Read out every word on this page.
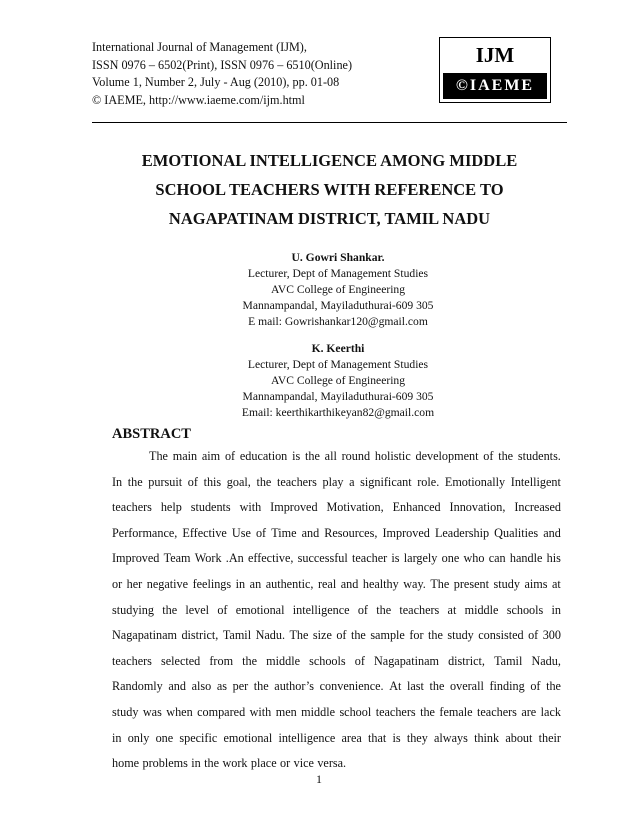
International Journal of Management (IJM),
ISSN 0976 – 6502(Print), ISSN 0976 – 6510(Online)
Volume 1, Number 2, July - Aug (2010), pp. 01-08
© IAEME, http://www.iaeme.com/ijm.html
IJM
©IAEME
EMOTIONAL INTELLIGENCE AMONG MIDDLE
SCHOOL TEACHERS WITH REFERENCE TO
NAGAPATINAM DISTRICT, TAMIL NADU
U. Gowri Shankar.
Lecturer, Dept of Management Studies
AVC College of Engineering
Mannampandal, Mayiladuthurai-609 305
E mail: Gowrishankar120@gmail.com
K. Keerthi
Lecturer, Dept of Management Studies
AVC College of Engineering
Mannampandal, Mayiladuthurai-609 305
Email: keerthikarthikeyan82@gmail.com
ABSTRACT
The main aim of education is the all round holistic development of the students.
In the pursuit of this goal, the teachers play a significant role. Emotionally Intelligent
teachers help students with Improved Motivation, Enhanced Innovation, Increased
Performance, Effective Use of Time and Resources, Improved Leadership Qualities and
Improved Team Work .An effective, successful teacher is largely one who can handle his
or her negative feelings in an authentic, real and healthy way. The present study aims at
studying the level of emotional intelligence of the teachers at middle schools in
Nagapatinam district, Tamil Nadu. The size of the sample for the study consisted of 300
teachers selected from the middle schools of Nagapatinam district, Tamil Nadu,
Randomly and also as per the author’s convenience. At last the overall finding of the
study was when compared with men middle school teachers the female teachers are lack
in only one specific emotional intelligence area that is they always think about their
home problems in the work place or vice versa.
1
